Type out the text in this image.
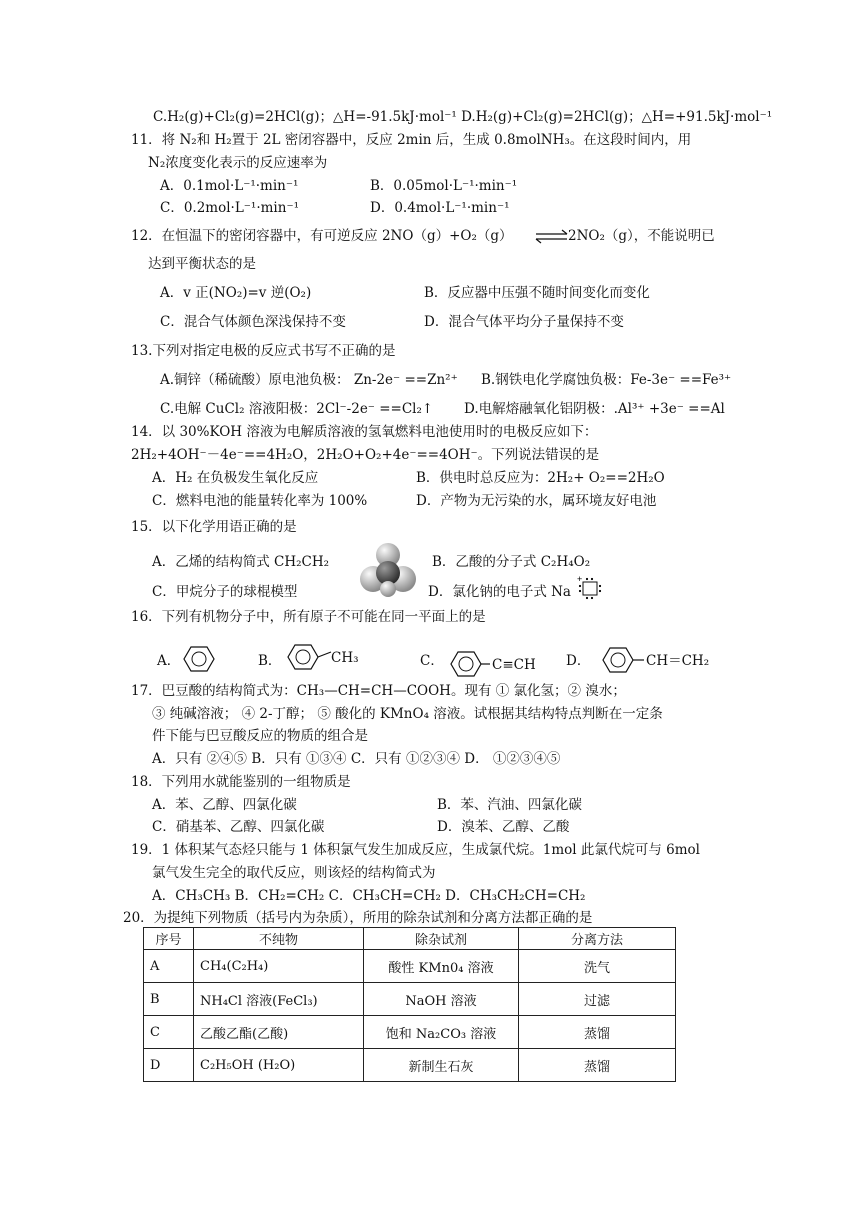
C.H₂(g)+Cl₂(g)=2HCl(g)；△H=-91.5kJ·mol⁻¹ D.H₂(g)+Cl₂(g)=2HCl(g)；△H=+91.5kJ·mol⁻¹
11．将 N₂和 H₂置于 2L 密闭容器中，反应 2min 后，生成 0.8molNH₃。在这段时间内，用
N₂浓度变化表示的反应速率为
A．0.1mol·L⁻¹·min⁻¹	B．0.05mol·L⁻¹·min⁻¹
C．0.2mol·L⁻¹·min⁻¹	D．0.4mol·L⁻¹·min⁻¹
12．在恒温下的密闭容器中，有可逆反应 2NO（g）+O₂（g） ⇌ 2NO₂（g），不能说明已
达到平衡状态的是
A．v 正(NO₂)=v 逆(O₂)	B．反应器中压强不随时间变化而变化
C．混合气体颜色深浅保持不变	D．混合气体平均分子量保持不变
13.下列对指定电极的反应式书写不正确的是
A.铜锌（稀硫酸）原电池负极： Zn-2e⁻ ==Zn²⁺ B.钢铁电化学腐蚀负极：Fe-3e⁻ ==Fe³⁺
C.电解 CuCl₂ 溶液阳极：2Cl⁻-2e⁻ ==Cl₂↑ D.电解熔融氧化铝阴极：.Al³⁺ +3e⁻ ==Al
14．以 30%KOH 溶液为电解质溶液的氢氧燃料电池使用时的电极反应如下：
2H₂+4OH⁻－4e⁻==4H₂O，2H₂O+O₂+4e⁻==4OH⁻。下列说法错误的是
A．H₂ 在负极发生氧化反应	B．供电时总反应为：2H₂+ O₂==2H₂O
C．燃料电池的能量转化率为 100%	D．产物为无污染的水，属环境友好电池
15．以下化学用语正确的是
A．乙烯的结构简式 CH₂CH₂	B．乙酸的分子式 C₂H₄O₂
C．甲烷分子的球棍模型	D．氯化钠的电子式 Na
+
16．下列有机物分子中，所有原子不可能在同一平面上的是
A．	B．	CH₃	C．	C≡CH D．	CH＝CH₂
17．巴豆酸的结构简式为：CH₃—CH=CH—COOH。现有 ① 氯化氢；② 溴水；
③ 纯碱溶液； ④ 2-丁醇； ⑤ 酸化的 KMnO₄ 溶液。试根据其结构特点判断在一定条
件下能与巴豆酸反应的物质的组合是
A．只有 ②④⑤ B．只有 ①③④ C．只有 ①②③④ D． ①②③④⑤
18．下列用水就能鉴别的一组物质是
A．苯、乙醇、四氯化碳	B．苯、汽油、四氯化碳
C．硝基苯、乙醇、四氯化碳	D．溴苯、乙醇、乙酸
19．1 体积某气态烃只能与 1 体积氯气发生加成反应，生成氯代烷。1mol 此氯代烷可与 6mol
氯气发生完全的取代反应，则该烃的结构简式为
A．CH₃CH₃ B．CH₂=CH₂ C．CH₃CH=CH₂ D．CH₃CH₂CH=CH₂
20．为提纯下列物质（括号内为杂质），所用的除杂试剂和分离方法都正确的是
序号	不纯物	除杂试剂	分离方法
A	CH₄(C₂H₄)	酸性 KMn0₄ 溶液	洗气
B	NH₄Cl 溶液(FeCl₃)	NaOH 溶液	过滤
C	乙酸乙酯(乙酸)	饱和 Na₂CO₃ 溶液	蒸馏
D	C₂H₅OH (H₂O)	新制生石灰	蒸馏
